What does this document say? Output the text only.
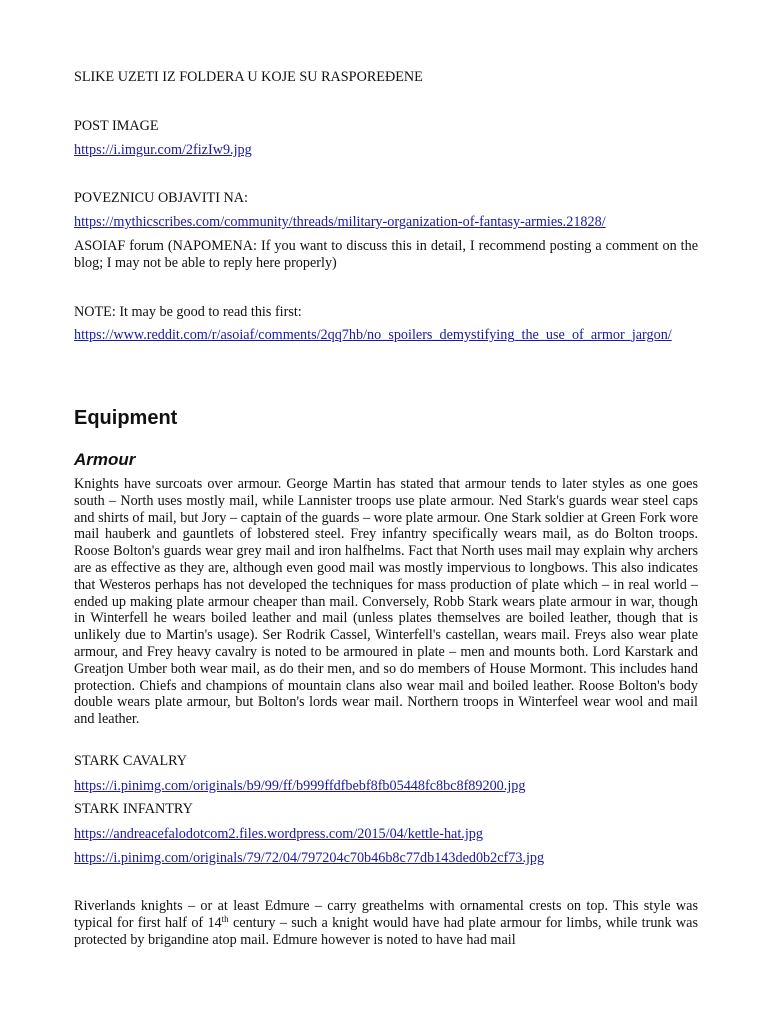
SLIKE UZETI IZ FOLDERA U KOJE SU RASPOREĐENE

POST IMAGE

https://i.imgur.com/2fizIw9.jpg

POVEZNICU OBJAVITI NA:

https://mythicscribes.com/community/threads/military-organization-of-fantasy-armies.21828/

ASOIAF forum (NAPOMENA: If you want to discuss this in detail, I recommend posting a comment on the blog; I may not be able to reply here properly)

NOTE: It may be good to read this first:

https://www.reddit.com/r/asoiaf/comments/2qq7hb/no_spoilers_demystifying_the_use_of_armor_jargon/

Equipment
Armour

Knights have surcoats over armour. George Martin has stated that armour tends to later styles as one goes south – North uses mostly mail, while Lannister troops use plate armour. Ned Stark's guards wear steel caps and shirts of mail, but Jory – captain of the guards – wore plate armour. One Stark soldier at Green Fork wore mail hauberk and gauntlets of lobstered steel. Frey infantry specifically wears mail, as do Bolton troops. Roose Bolton's guards wear grey mail and iron halfhelms. Fact that North uses mail may explain why archers are as effective as they are, although even good mail was mostly impervious to longbows. This also indicates that Westeros perhaps has not developed the techniques for mass production of plate which – in real world – ended up making plate armour cheaper than mail. Conversely, Robb Stark wears plate armour in war, though in Winterfell he wears boiled leather and mail (unless plates themselves are boiled leather, though that is unlikely due to Martin's usage). Ser Rodrik Cassel, Winterfell's castellan, wears mail. Freys also wear plate armour, and Frey heavy cavalry is noted to be armoured in plate – men and mounts both. Lord Karstark and Greatjon Umber both wear mail, as do their men, and so do members of House Mormont. This includes hand protection. Chiefs and champions of mountain clans also wear mail and boiled leather. Roose Bolton's body double wears plate armour, but Bolton's lords wear mail. Northern troops in Winterfeel wear wool and mail and leather.

STARK CAVALRY

https://i.pinimg.com/originals/b9/99/ff/b999ffdfbebf8fb05448fc8bc8f89200.jpg

STARK INFANTRY

https://andreacefalodotcom2.files.wordpress.com/2015/04/kettle-hat.jpg

https://i.pinimg.com/originals/79/72/04/797204c70b46b8c77db143ded0b2cf73.jpg

Riverlands knights – or at least Edmure – carry greathelms with ornamental crests on top. This style was typical for first half of 14th century – such a knight would have had plate armour for limbs, while trunk was protected by brigandine atop mail. Edmure however is noted to have had mail
